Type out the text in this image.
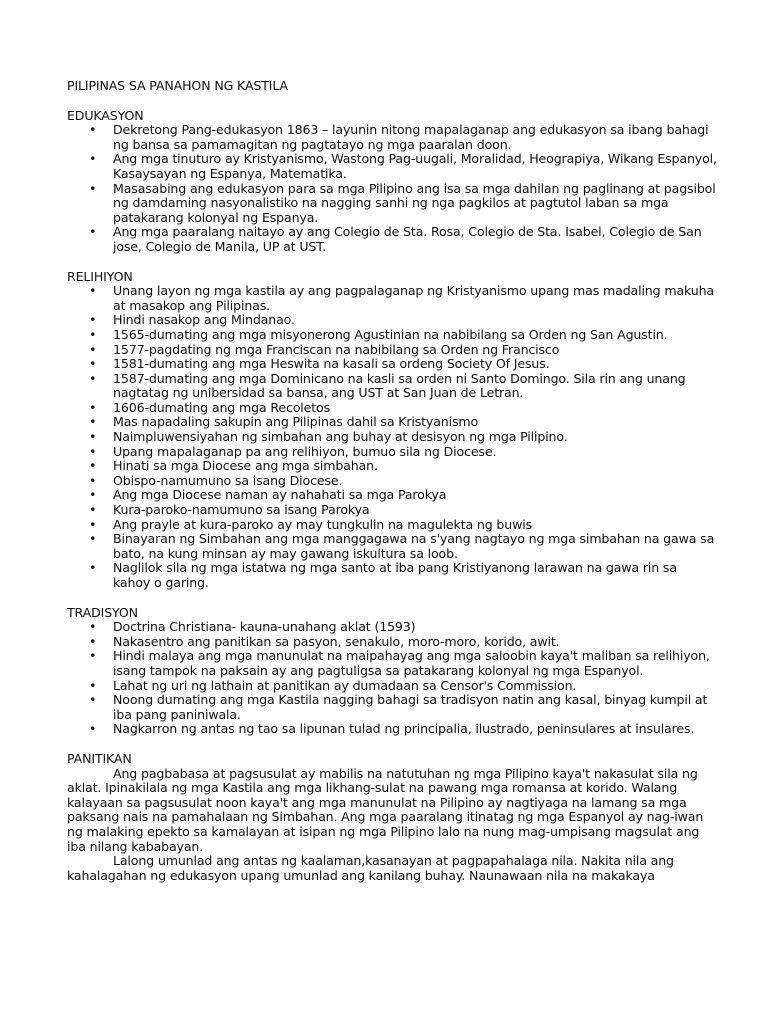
PILIPINAS SA PANAHON NG KASTILA

EDUKASYON

• Dekretong Pang-edukasyon 1863 – layunin nitong mapalaganap ang edukasyon sa ibang bahagi ng bansa sa pamamagitan ng pagtatayo ng mga paaralan doon.
• Ang mga tinuturo ay Kristyanismo, Wastong Pag-uugali, Moralidad, Heograpiya, Wikang Espanyol, Kasaysayan ng Espanya, Matematika.
• Masasabing ang edukasyon para sa mga Pilipino ang isa sa mga dahilan ng paglinang at pagsibol ng damdaming nasyonalistiko na nagging sanhi ng nga pagkilos at pagtutol laban sa mga patakarang kolonyal ng Espanya.
• Ang mga paaralang naitayo ay ang Colegio de Sta. Rosa, Colegio de Sta. Isabel, Colegio de San jose, Colegio de Manila, UP at UST.

RELIHIYON

• Unang layon ng mga kastila ay ang pagpalaganap ng Kristyanismo upang mas madaling makuha at masakop ang Pilipinas.
• Hindi nasakop ang Mindanao.
• 1565-dumating ang mga misyonerong Agustinian na nabibilang sa Orden ng San Agustin.
• 1577-pagdating ng mga Franciscan na nabibilang sa Orden ng Francisco
• 1581-dumating ang mga Heswita na kasali sa ordeng Society Of Jesus.
• 1587-dumating ang mga Dominicano na kasli sa orden ni Santo Domingo. Sila rin ang unang nagtatag ng unibersidad sa bansa, ang UST at San Juan de Letran.
• 1606-dumating ang mga Recoletos
• Mas napadaling sakupin ang Pilipinas dahil sa Kristyanismo
• Naimpluwensiyahan ng simbahan ang buhay at desisyon ng mga Pilipino.
• Upang mapalaganap pa ang relihiyon, bumuo sila ng Diocese.
• Hinati sa mga Diocese ang mga simbahan.
• Obispo-namumuno sa isang Diocese.
• Ang mga Diocese naman ay nahahati sa mga Parokya
• Kura-paroko-namumuno sa isang Parokya
• Ang prayle at kura-paroko ay may tungkulin na magulekta ng buwis
• Binayaran ng Simbahan ang mga manggagawa na s'yang nagtayo ng mga simbahan na gawa sa bato, na kung minsan ay may gawang iskultura sa loob.
• Naglilok sila ng mga istatwa ng mga santo at iba pang Kristiyanong larawan na gawa rin sa kahoy o garing.

TRADISYON

• Doctrina Christiana- kauna-unahang aklat (1593)
• Nakasentro ang panitikan sa pasyon, senakulo, moro-moro, korido, awit.
• Hindi malaya ang mga manunulat na maipahayag ang mga saloobin kaya't maliban sa relihiyon, isang tampok na paksain ay ang pagtuligsa sa patakarang kolonyal ng mga Espanyol.
• Lahat ng uri ng lathain at panitikan ay dumadaan sa Censor's Commission.
• Noong dumating ang mga Kastila nagging bahagi sa tradisyon natin ang kasal, binyag kumpil at iba pang paniniwala.
• Nagkarron ng antas ng tao sa lipunan tulad ng principalia, ilustrado, peninsulares at insulares.

PANITIKAN

Ang pagbabasa at pagsusulat ay mabilis na natutuhan ng mga Pilipino kaya't nakasulat sila ng aklat. Ipinakilala ng mga Kastila ang mga likhang-sulat na pawang mga romansa at korido. Walang kalayaan sa pagsusulat noon kaya't ang mga manunulat na Pilipino ay nagtiyaga na lamang sa mga paksang nais na pamahalaan ng Simbahan. Ang mga paaralang itinatag ng mga Espanyol ay nag-iwan ng malaking epekto sa kamalayan at isipan ng mga Pilipino lalo na nung mag-umpisang magsulat ang iba nilang kababayan.

Lalong umunlad ang antas ng kaalaman,kasanayan at pagpapahalaga nila. Nakita nila ang kahalagahan ng edukasyon upang umunlad ang kanilang buhay. Naunawaan nila na makakaya
